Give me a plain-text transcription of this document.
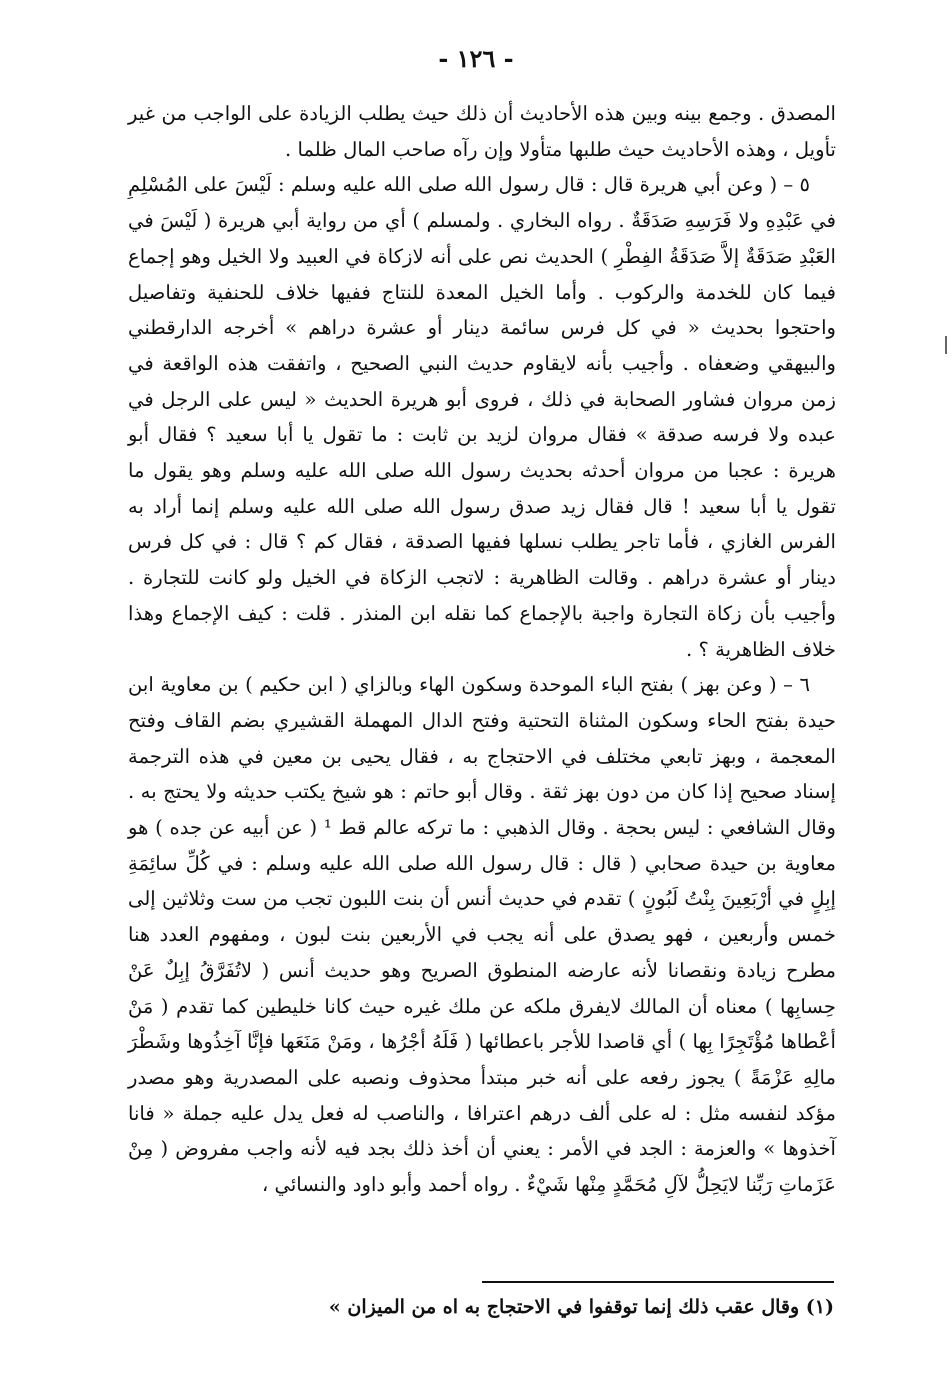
- ١٢٦ -

المصدق . وجمع بينه وبين هذه الأحاديث أن ذلك حيث يطلب الزيادة على الواجب من غير تأويل ، وهذه الأحاديث حيث طلبها متأولا وإن رآه صاحب المال ظلما .

٥ – ( وعن أبي هريرة قال : قال رسول الله صلى الله عليه وسلم : لَيْسَ على المُسْلِمِ في عَبْدِهِ ولا فَرَسِهِ صَدَقَةٌ . رواه البخاري . ولمسلم ) أي من رواية أبي هريرة ( لَيْسَ في العَبْدِ صَدَقَةٌ إلاَّ صَدَقَةُ الفِطْرِ ) الحديث نص على أنه لازكاة في العبيد ولا الخيل وهو إجماع فيما كان للخدمة والركوب . وأما الخيل المعدة للنتاج ففيها خلاف للحنفية وتفاصيل واحتجوا بحديث « في كل فرس سائمة دينار أو عشرة دراهم » أخرجه الدارقطني والبيهقي وضعفاه . وأجيب بأنه لايقاوم حديث النبي الصحيح ، واتفقت هذه الواقعة في زمن مروان فشاور الصحابة في ذلك ، فروى أبو هريرة الحديث « ليس على الرجل في عبده ولا فرسه صدقة » فقال مروان لزيد بن ثابت : ما تقول يا أبا سعيد ؟ فقال أبو هريرة : عجبا من مروان أحدثه بحديث رسول الله صلى الله عليه وسلم وهو يقول ما تقول يا أبا سعيد ! قال فقال زيد صدق رسول الله صلى الله عليه وسلم إنما أراد به الفرس الغازي ، فأما تاجر يطلب نسلها ففيها الصدقة ، فقال كم ؟ قال : في كل فرس دينار أو عشرة دراهم . وقالت الظاهرية : لاتجب الزكاة في الخيل ولو كانت للتجارة . وأجيب بأن زكاة التجارة واجبة بالإجماع كما نقله ابن المنذر . قلت : كيف الإجماع وهذا خلاف الظاهرية ؟ .

٦ – ( وعن بهز ) بفتح الباء الموحدة وسكون الهاء وبالزاي ( ابن حكيم ) بن معاوية ابن حيدة بفتح الحاء وسكون المثناة التحتية وفتح الدال المهملة القشيري بضم القاف وفتح المعجمة ، وبهز تابعي مختلف في الاحتجاج به ، فقال يحيى بن معين في هذه الترجمة إسناد صحيح إذا كان من دون بهز ثقة . وقال أبو حاتم : هو شيخ يكتب حديثه ولا يحتج به . وقال الشافعي : ليس بحجة . وقال الذهبي : ما تركه عالم قط ¹ ( عن أبيه عن جده ) هو معاوية بن حيدة صحابي ( قال : قال رسول الله صلى الله عليه وسلم : في كُلِّ سائِمَةِ إبِلٍ في أرْبَعِينَ بِنْتُ لَبُونٍ ) تقدم في حديث أنس أن بنت اللبون تجب من ست وثلاثين إلى خمس وأربعين ، فهو يصدق على أنه يجب في الأربعين بنت لبون ، ومفهوم العدد هنا مطرح زيادة ونقصانا لأنه عارضه المنطوق الصريح وهو حديث أنس ( لاتُفَرَّقُ إبِلٌ عَنْ حِسابِها ) معناه أن المالك لايفرق ملكه عن ملك غيره حيث كانا خليطين كما تقدم ( مَنْ أعْطاها مُؤْتَجِرًا بِها ) أي قاصدا للأجر باعطائها ( فَلَهُ أجْرُها ، ومَنْ مَنَعَها فإنَّا آخِذُوها وشَطْرَ مالِهِ عَزْمَةً ) يجوز رفعه على أنه خبر مبتدأ محذوف ونصبه على المصدرية وهو مصدر مؤكد لنفسه مثل : له على ألف درهم اعترافا ، والناصب له فعل يدل عليه جملة « فانا آخذوها » والعزمة : الجد في الأمر : يعني أن أخذ ذلك بجد فيه لأنه واجب مفروض ( مِنْ عَزَماتِ رَبِّنا لايَحِلُّ لآلِ مُحَمَّدٍ مِنْها شَيْءٌ . رواه أحمد وأبو داود والنسائي ،

(١) وقال عقب ذلك إنما توقفوا في الاحتجاج به اه من الميزان »
